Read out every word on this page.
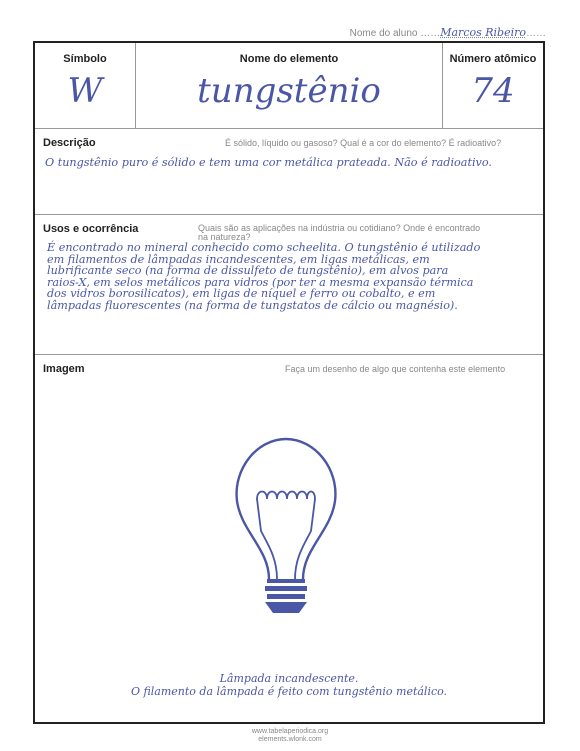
Nome do aluno ……Marcos Ribeiro……
Símbolo
W
Nome do elemento
tungstênio
Número atômico
74
Descrição	É sólido, líquido ou gasoso? Qual é a cor do elemento? É radioativo?
O tungstênio puro é sólido e tem uma cor metálica prateada. Não é radioativo.
Usos e ocorrência	Quais são as aplicações na indústria ou cotidiano? Onde é encontrado
na natureza?
É encontrado no mineral conhecido como scheelita. O tungstênio é utilizado
em filamentos de lâmpadas incandescentes, em ligas metálicas, em
lubrificante seco (na forma de dissulfeto de tungstênio), em alvos para
raios-X, em selos metálicos para vidros (por ter a mesma expansão térmica
dos vidros borosilicatos), em ligas de níquel e ferro ou cobalto, e em
lâmpadas fluorescentes (na forma de tungstatos de cálcio ou magnésio).
Imagem	Faça um desenho de algo que contenha este elemento
Lâmpada incandescente.
O filamento da lâmpada é feito com tungstênio metálico.
www.tabelaperiodica.org
elements.wlonk.com
